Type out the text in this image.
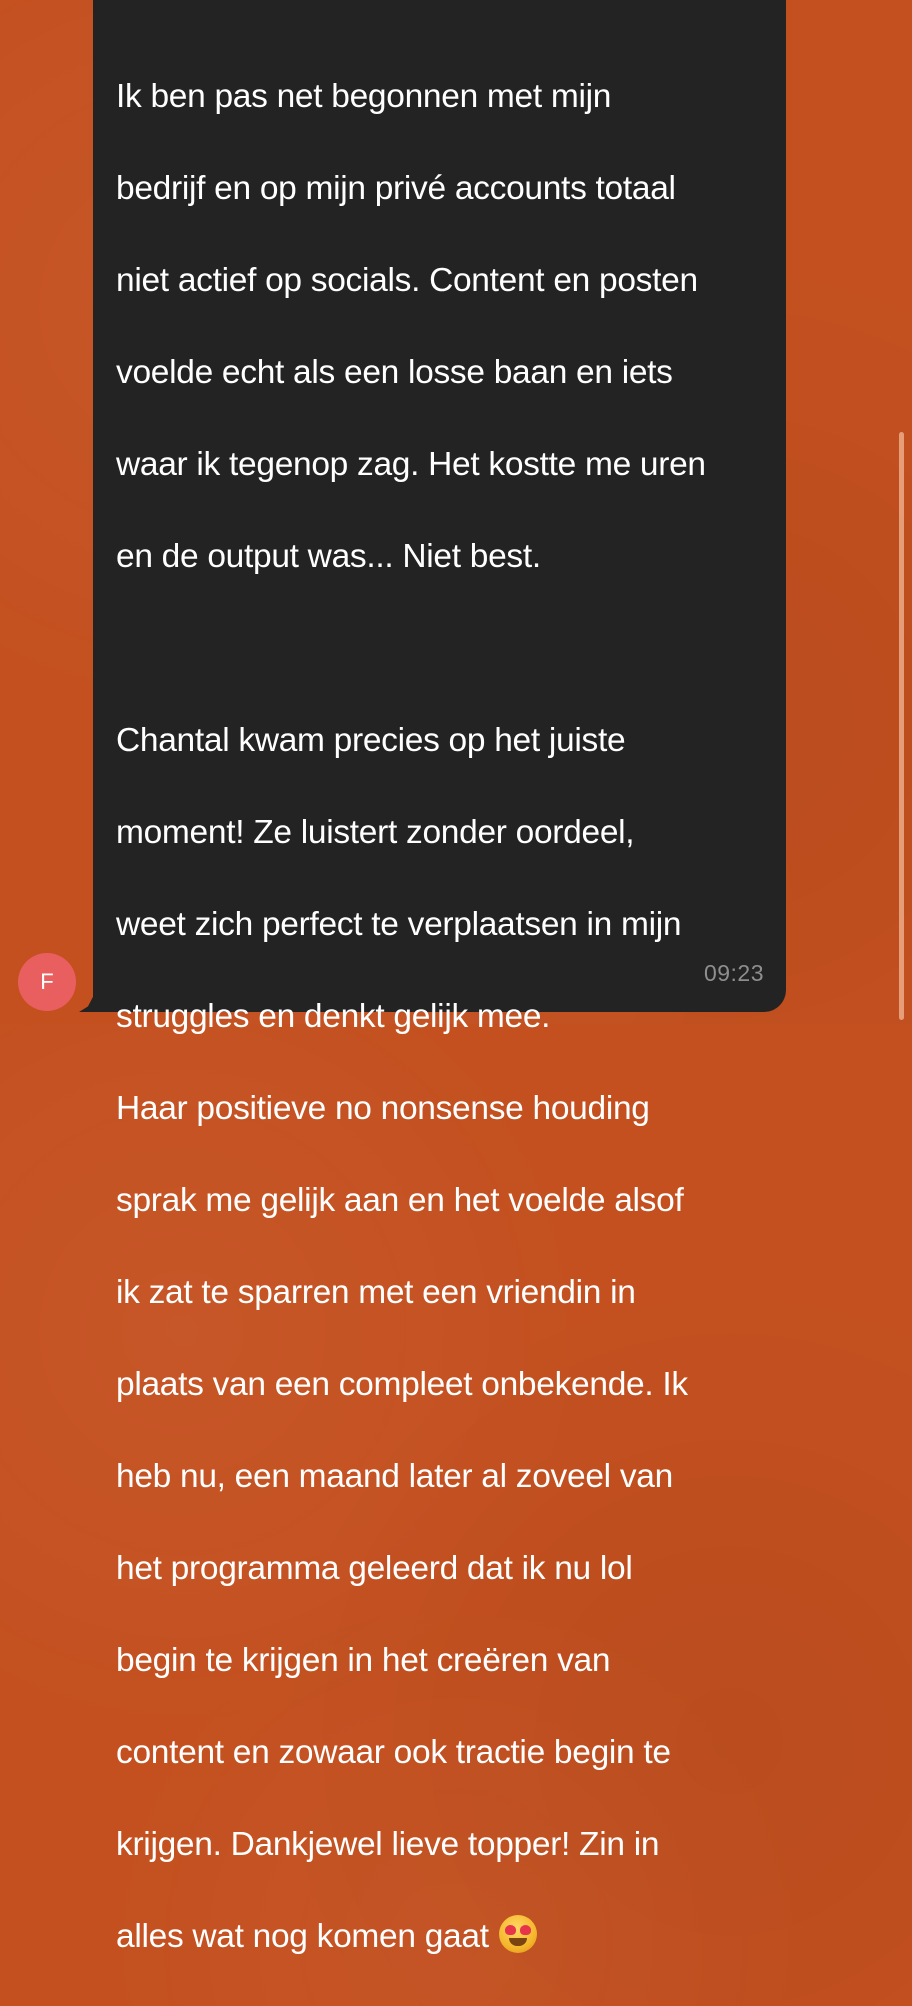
Ik ben pas net begonnen met mijn

bedrijf en op mijn privé accounts totaal

niet actief op socials. Content en posten

voelde echt als een losse baan en iets

waar ik tegenop zag. Het kostte me uren

en de output was... Niet best.

Chantal kwam precies op het juiste

moment! Ze luistert zonder oordeel,

weet zich perfect te verplaatsen in mijn

struggles en denkt gelijk mee.

Haar positieve no nonsense houding

sprak me gelijk aan en het voelde alsof

ik zat te sparren met een vriendin in

plaats van een compleet onbekende. Ik

heb nu, een maand later al zoveel van

het programma geleerd dat ik nu lol

begin te krijgen in het creëren van

content en zowaar ook tractie begin te

krijgen. Dankjewel lieve topper! Zin in

alles wat nog komen gaat

09:23
F
